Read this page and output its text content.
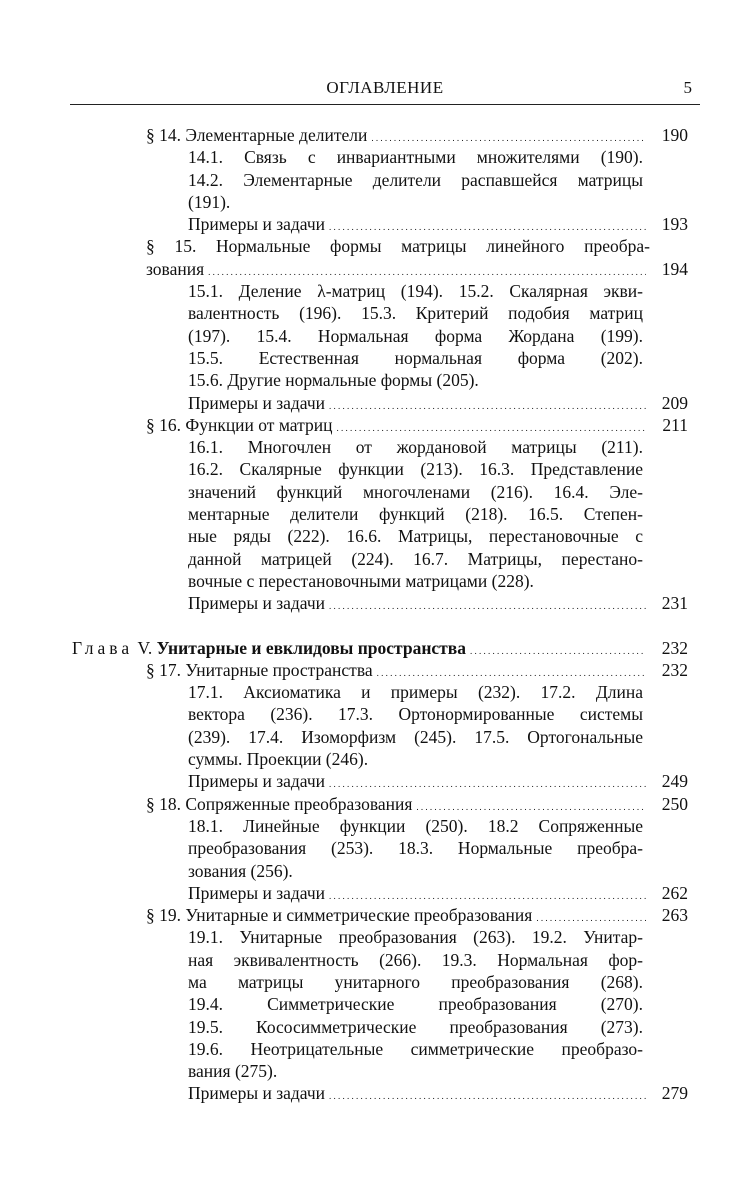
ОГЛАВЛЕНИЕ	5
§ 14. Элементарные делители . . .	190
14.1. Связь с инвариантными множителями (190).
14.2. Элементарные делители распавшейся матрицы
(191).
Примеры и задачи . . .	193
§ 15. Нормальные формы матрицы линейного преобра-
зования . . .	194
15.1. Деление λ-матриц (194). 15.2. Скалярная экви-
валентность (196). 15.3. Критерий подобия матриц
(197). 15.4. Нормальная форма Жордана (199).
15.5. Естественная нормальная форма (202).
15.6. Другие нормальные формы (205).
Примеры и задачи . . .	209
§ 16. Функции от матриц . . .	211
16.1. Многочлен от жордановой матрицы (211).
16.2. Скалярные функции (213). 16.3. Представление
значений функций многочленами (216). 16.4. Эле-
ментарные делители функций (218). 16.5. Степен-
ные ряды (222). 16.6. Матрицы, перестановочные с
данной матрицей (224). 16.7. Матрицы, перестано-
вочные с перестановочными матрицами (228).
Примеры и задачи . . .	231
Глава V. Унитарные и евклидовы пространства . . .	232
§ 17. Унитарные пространства . . .	232
17.1. Аксиоматика и примеры (232). 17.2. Длина
вектора (236). 17.3. Ортонормированные системы
(239). 17.4. Изоморфизм (245). 17.5. Ортогональные
суммы. Проекции (246).
Примеры и задачи . . .	249
§ 18. Сопряженные преобразования . . .	250
18.1. Линейные функции (250). 18.2 Сопряженные
преобразования (253). 18.3. Нормальные преобра-
зования (256).
Примеры и задачи . . .	262
§ 19. Унитарные и симметрические преобразования . . .	263
19.1. Унитарные преобразования (263). 19.2. Унитар-
ная эквивалентность (266). 19.3. Нормальная фор-
ма матрицы унитарного преобразования (268).
19.4. Симметрические преобразования (270).
19.5. Кососимметрические преобразования (273).
19.6. Неотрицательные симметрические преобразо-
вания (275).
Примеры и задачи . . .	279
